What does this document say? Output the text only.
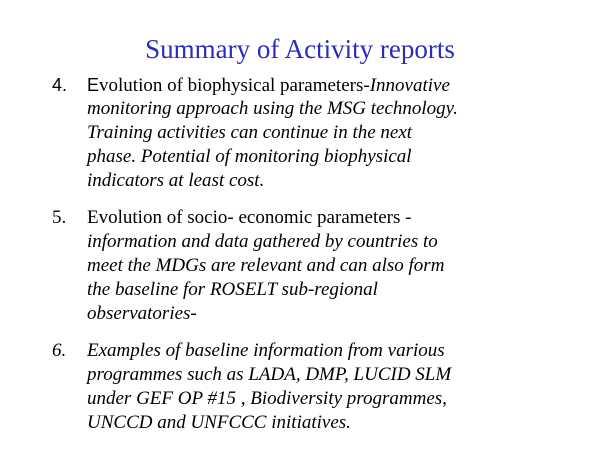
Summary of Activity reports
4.	Evolution of biophysical parameters-Innovative
monitoring approach using the MSG technology.
Training activities can continue in the next
phase. Potential of monitoring biophysical
indicators at least cost.
5.	Evolution of socio- economic parameters -
information and data gathered by countries to
meet the MDGs are relevant and can also form
the baseline for ROSELT sub-regional
observatories-
6.	Examples of baseline information from various
programmes such as LADA, DMP, LUCID SLM
under GEF OP #15 , Biodiversity programmes,
UNCCD and UNFCCC initiatives.
